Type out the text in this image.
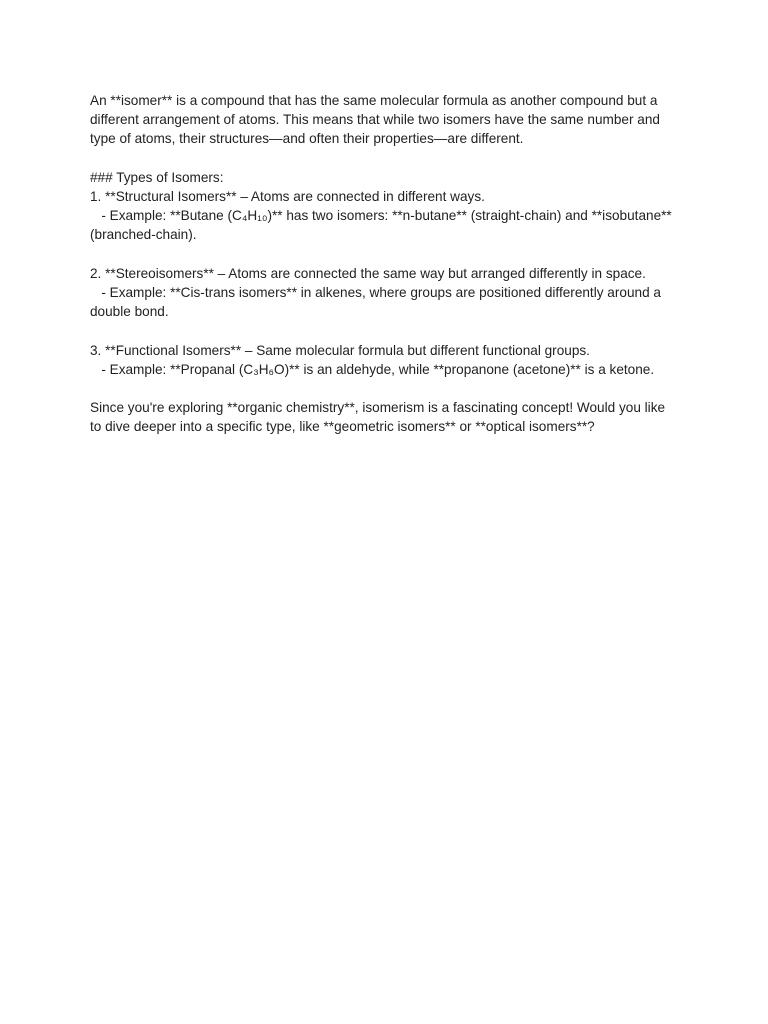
An **isomer** is a compound that has the same molecular formula as another compound but a
different arrangement of atoms. This means that while two isomers have the same number and
type of atoms, their structures—and often their properties—are different.

### Types of Isomers:
1. **Structural Isomers** – Atoms are connected in different ways.
- Example: **Butane (C₄H₁₀)** has two isomers: **n-butane** (straight-chain) and **isobutane**
(branched-chain).

2. **Stereoisomers** – Atoms are connected the same way but arranged differently in space.
- Example: **Cis-trans isomers** in alkenes, where groups are positioned differently around a
double bond.

3. **Functional Isomers** – Same molecular formula but different functional groups.
- Example: **Propanal (C₃H₆O)** is an aldehyde, while **propanone (acetone)** is a ketone.

Since you're exploring **organic chemistry**, isomerism is a fascinating concept! Would you like
to dive deeper into a specific type, like **geometric isomers** or **optical isomers**?
